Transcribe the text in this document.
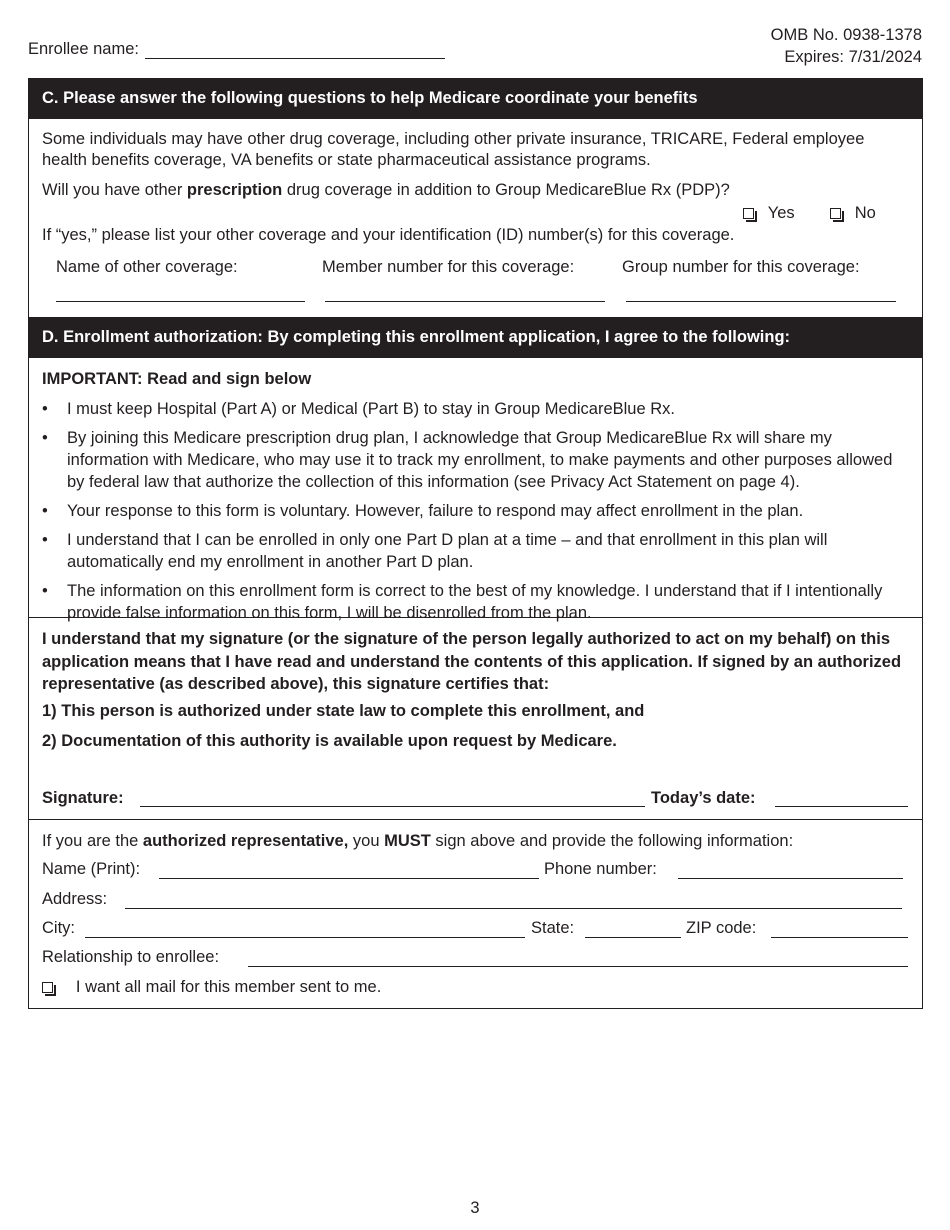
Enrollee name:
OMB No. 0938-1378
Expires: 7/31/2024
C. Please answer the following questions to help Medicare coordinate your benefits

Some individuals may have other drug coverage, including other private insurance, TRICARE, Federal employee health benefits coverage, VA benefits or state pharmaceutical assistance programs.

Will you have other prescription drug coverage in addition to Group MedicareBlue Rx (PDP)?

Yes	No

If “yes,” please list your other coverage and your identification (ID) number(s) for this coverage.

Name of other coverage:	Member number for this coverage:	Group number for this coverage:
D. Enrollment authorization: By completing this enrollment application, I agree to the following:

IMPORTANT: Read and sign below

• I must keep Hospital (Part A) or Medical (Part B) to stay in Group MedicareBlue Rx.
• By joining this Medicare prescription drug plan, I acknowledge that Group MedicareBlue Rx will share my information with Medicare, who may use it to track my enrollment, to make payments and other purposes allowed by federal law that authorize the collection of this information (see Privacy Act Statement on page 4).
• Your response to this form is voluntary. However, failure to respond may affect enrollment in the plan.
• I understand that I can be enrolled in only one Part D plan at a time – and that enrollment in this plan will automatically end my enrollment in another Part D plan.
• The information on this enrollment form is correct to the best of my knowledge. I understand that if I intentionally provide false information on this form, I will be disenrolled from the plan.

I understand that my signature (or the signature of the person legally authorized to act on my behalf) on this application means that I have read and understand the contents of this application. If signed by an authorized representative (as described above), this signature certifies that:

1) This person is authorized under state law to complete this enrollment, and

2) Documentation of this authority is available upon request by Medicare.

Signature:	Today’s date:

If you are the authorized representative, you MUST sign above and provide the following information:

Name (Print):	Phone number:
Address:
City:	State:	ZIP code:
Relationship to enrollee:
I want all mail for this member sent to me.
3
